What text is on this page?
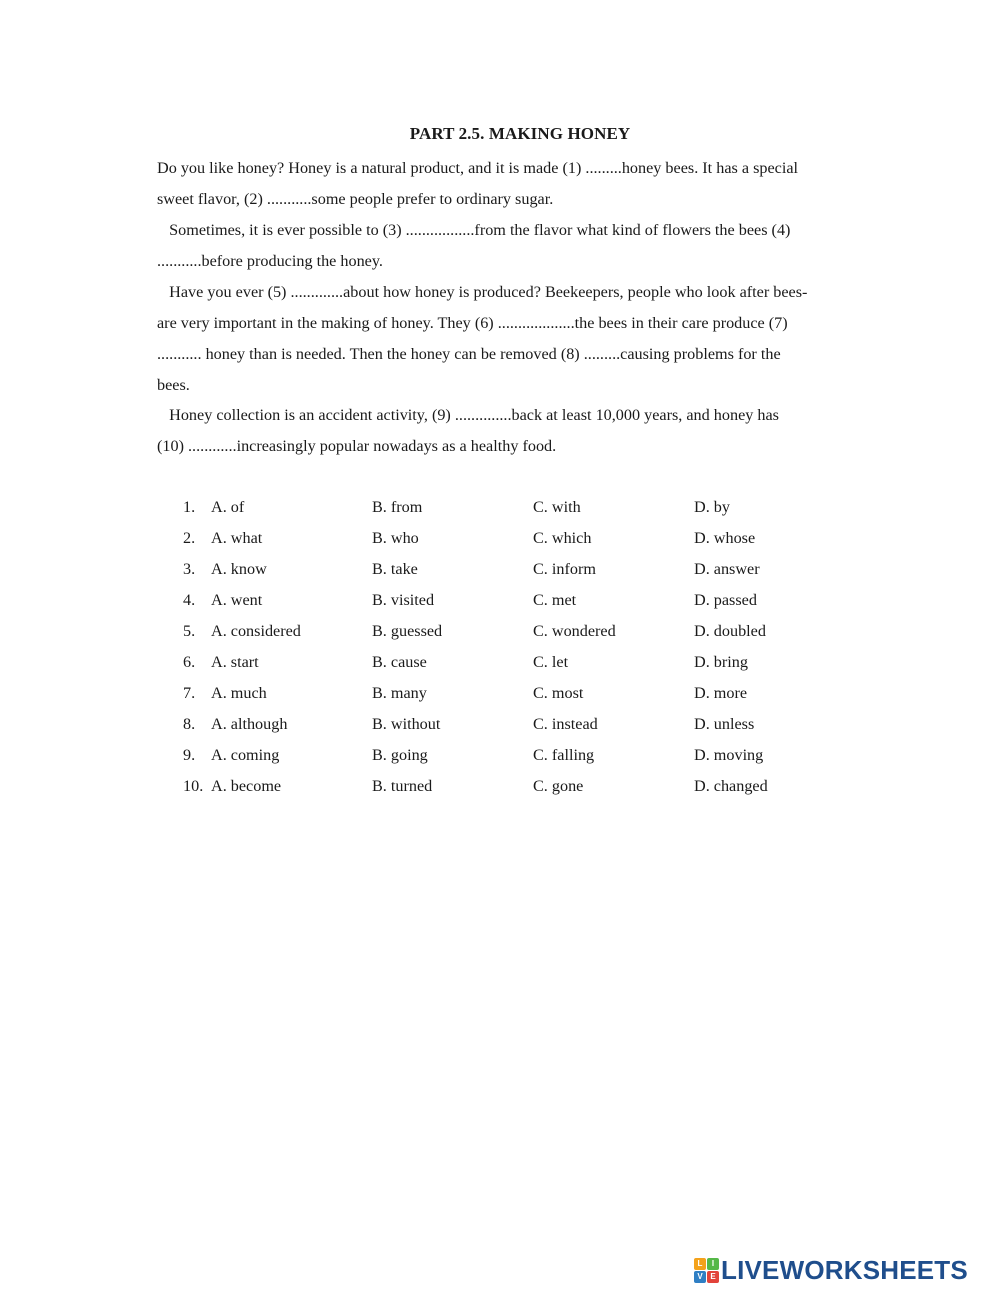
PART 2.5. MAKING HONEY
Do you like honey? Honey is a natural product, and it is made (1) .........honey bees. It has a special
sweet flavor, (2) ...........some people prefer to ordinary sugar.
Sometimes, it is ever possible to (3) .................from the flavor what kind of flowers the bees (4)
...........before producing the honey.
Have you ever (5) .............about how honey is produced? Beekeepers, people who look after bees-
are very important in the making of honey. They (6) ...................the bees in their care produce (7)
........... honey than is needed. Then the honey can be removed (8) .........causing problems for the
bees.
Honey collection is an accident activity, (9) ..............back at least 10,000 years, and honey has
(10) ............increasingly popular nowadays as a healthy food.
1. A. of	B. from	C. with	D. by
2. A. what	B. who	C. which	D. whose
3. A. know	B. take	C. inform	D. answer
4. A. went	B. visited	C. met	D. passed
5. A. considered	B. guessed	C. wondered	D. doubled
6. A. start	B. cause	C. let	D. bring
7. A. much	B. many	C. most	D. more
8. A. although	B. without	C. instead	D. unless
9. A. coming	B. going	C. falling	D. moving
10. A. become	B. turned	C. gone	D. changed
L	I
V E LIVEWORKSHEETS
